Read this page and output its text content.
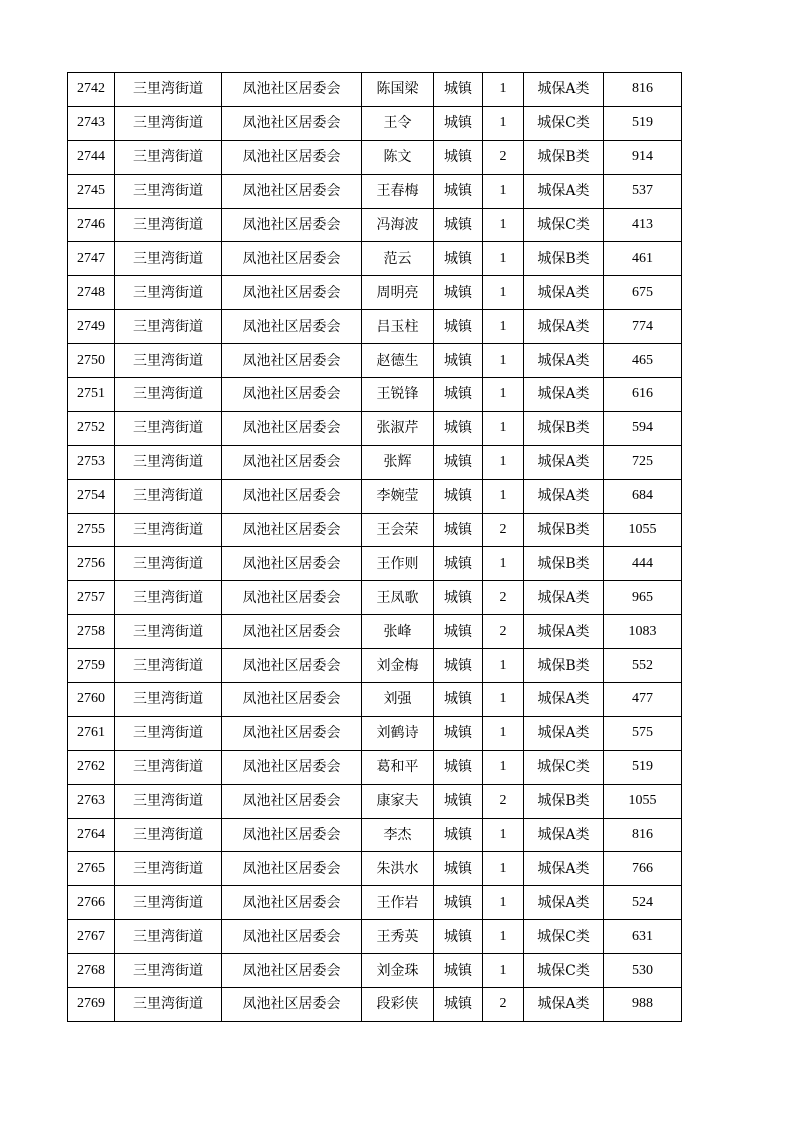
2742	三里湾街道	凤池社区居委会	陈国梁	城镇	1	城保A类	816
2743	三里湾街道	凤池社区居委会	王令	城镇	1	城保C类	519
2744	三里湾街道	凤池社区居委会	陈文	城镇	2	城保B类	914
2745	三里湾街道	凤池社区居委会	王春梅	城镇	1	城保A类	537
2746	三里湾街道	凤池社区居委会	冯海波	城镇	1	城保C类	413
2747	三里湾街道	凤池社区居委会	范云	城镇	1	城保B类	461
2748	三里湾街道	凤池社区居委会	周明亮	城镇	1	城保A类	675
2749	三里湾街道	凤池社区居委会	吕玉柱	城镇	1	城保A类	774
2750	三里湾街道	凤池社区居委会	赵德生	城镇	1	城保A类	465
2751	三里湾街道	凤池社区居委会	王锐锋	城镇	1	城保A类	616
2752	三里湾街道	凤池社区居委会	张淑芹	城镇	1	城保B类	594
2753	三里湾街道	凤池社区居委会	张辉	城镇	1	城保A类	725
2754	三里湾街道	凤池社区居委会	李婉莹	城镇	1	城保A类	684
2755	三里湾街道	凤池社区居委会	王会荣	城镇	2	城保B类	1055
2756	三里湾街道	凤池社区居委会	王作则	城镇	1	城保B类	444
2757	三里湾街道	凤池社区居委会	王凤歌	城镇	2	城保A类	965
2758	三里湾街道	凤池社区居委会	张峰	城镇	2	城保A类	1083
2759	三里湾街道	凤池社区居委会	刘金梅	城镇	1	城保B类	552
2760	三里湾街道	凤池社区居委会	刘强	城镇	1	城保A类	477
2761	三里湾街道	凤池社区居委会	刘鹤诗	城镇	1	城保A类	575
2762	三里湾街道	凤池社区居委会	葛和平	城镇	1	城保C类	519
2763	三里湾街道	凤池社区居委会	康家夫	城镇	2	城保B类	1055
2764	三里湾街道	凤池社区居委会	李杰	城镇	1	城保A类	816
2765	三里湾街道	凤池社区居委会	朱洪水	城镇	1	城保A类	766
2766	三里湾街道	凤池社区居委会	王作岩	城镇	1	城保A类	524
2767	三里湾街道	凤池社区居委会	王秀英	城镇	1	城保C类	631
2768	三里湾街道	凤池社区居委会	刘金珠	城镇	1	城保C类	530
2769	三里湾街道	凤池社区居委会	段彩侠	城镇	2	城保A类	988
